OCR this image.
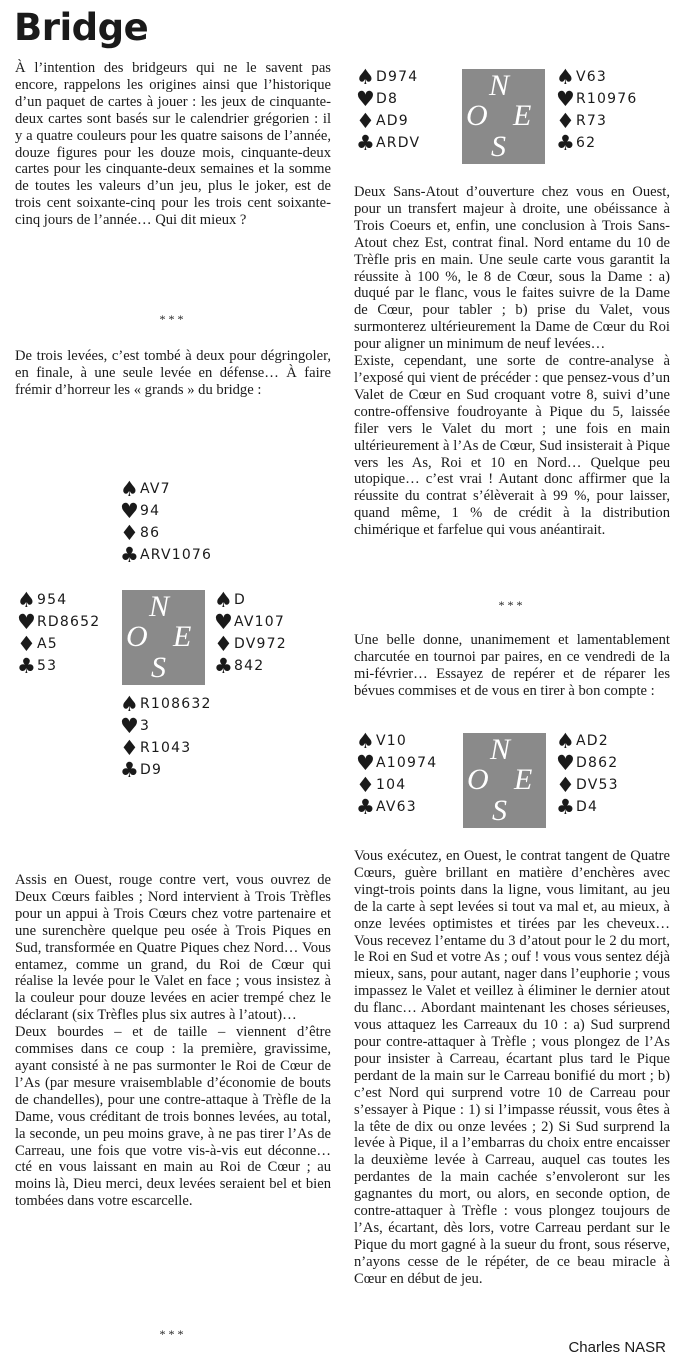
Bridge

À l’intention des bridgeurs qui ne le savent pas encore, rappelons les origines ainsi que l’historique d’un paquet de cartes à jouer : les jeux de cinquante-deux cartes sont basés sur le calendrier grégorien : il y a quatre couleurs pour les quatre saisons de l’année, douze figures pour les douze mois, cinquante-deux cartes pour les cinquante-deux semaines et la somme de toutes les valeurs d’un jeu, plus le joker, est de trois cent soixante-cinq pour les trois cent soixante-cinq jours de l’année… Qui dit mieux ?

***

De trois levées, c’est tombé à deux pour dégringoler, en finale, à une seule levée en défense… À faire frémir d’horreur les « grands » du bridge :

♠ AV7
♥ 94
♦ 86
♣ ARV1076
♠ 954
♥ RD8652
♦ A5
♣ 53
N
O E
S
♠ D
♥ AV107
♦ DV972
♣ 842
♠ R108632
♥ 3
♦ R1043
♣ D9

Assis en Ouest, rouge contre vert, vous ouvrez de Deux Cœurs faibles ; Nord intervient à Trois Trèfles pour un appui à Trois Cœurs chez votre partenaire et une surenchère quelque peu osée à Trois Piques en Sud, transformée en Quatre Piques chez Nord… Vous entamez, comme un grand, du Roi de Cœur qui réalise la levée pour le Valet en face ; vous insistez à la couleur pour douze levées en acier trempé chez le déclarant (six Trèfles plus six autres à l’atout)…

Deux bourdes – et de taille – viennent d’être commises dans ce coup : la première, gravissime, ayant consisté à ne pas surmonter le Roi de Cœur de l’As (par mesure vraisemblable d’économie de bouts de chandelles), pour une contre-attaque à Trèfle de la Dame, vous créditant de trois bonnes levées, au total, la seconde, un peu moins grave, à ne pas tirer l’As de Carreau, une fois que votre vis-à-vis eut déconne…cté en vous laissant en main au Roi de Cœur ; au moins là, Dieu merci, deux levées seraient bel et bien tombées dans votre escarcelle.

***
♠ D974
♥ D8
♦ AD9
♣ ARDV
N
O E
S
♠ V63
♥ R10976
♦ R73
♣ 62

Deux Sans-Atout d’ouverture chez vous en Ouest, pour un transfert majeur à droite, une obéissance à Trois Coeurs et, enfin, une conclusion à Trois Sans-Atout chez Est, contrat final. Nord entame du 10 de Trèfle pris en main. Une seule carte vous garantit la réussite à 100 %, le 8 de Cœur, sous la Dame : a) duqué par le flanc, vous le faites suivre de la Dame de Cœur, pour tabler ; b) prise du Valet, vous surmonterez ultérieurement la Dame de Cœur du Roi pour aligner un minimum de neuf levées…

Existe, cependant, une sorte de contre-analyse à l’exposé qui vient de précéder : que pensez-vous d’un Valet de Cœur en Sud croquant votre 8, suivi d’une contre-offensive foudroyante à Pique du 5, laissée filer vers le Valet du mort ; une fois en main ultérieurement à l’As de Cœur, Sud insisterait à Pique vers les As, Roi et 10 en Nord… Quelque peu utopique… c’est vrai ! Autant donc affirmer que la réussite du contrat s’élèverait à 99 %, pour laisser, quand même, 1 % de crédit à la distribution chimérique et farfelue qui vous anéantirait.

***

Une belle donne, unanimement et lamentablement charcutée en tournoi par paires, en ce vendredi de la mi-février… Essayez de repérer et de réparer les bévues commises et de vous en tirer à bon compte :

♠ V10
♥ A10974
♦ 104
♣ AV63
N
O E
S
♠ AD2
♥ D862
♦ DV53
♣ D4

Vous exécutez, en Ouest, le contrat tangent de Quatre Cœurs, guère brillant en matière d’enchères avec vingt-trois points dans la ligne, vous limitant, au jeu de la carte à sept levées si tout va mal et, au mieux, à onze levées optimistes et tirées par les cheveux… Vous recevez l’entame du 3 d’atout pour le 2 du mort, le Roi en Sud et votre As ; ouf ! vous vous sentez déjà mieux, sans, pour autant, nager dans l’euphorie ; vous impassez le Valet et veillez à éliminer le dernier atout du flanc… Abordant maintenant les choses sérieuses, vous attaquez les Carreaux du 10 : a) Sud surprend pour contre-attaquer à Trèfle ; vous plongez de l’As pour insister à Carreau, écartant plus tard le Pique perdant de la main sur le Carreau bonifié du mort ; b) c’est Nord qui surprend votre 10 de Carreau pour s’essayer à Pique : 1) si l’impasse réussit, vous êtes à la tête de dix ou onze levées ; 2) Si Sud surprend la levée à Pique, il a l’embarras du choix entre encaisser la deuxième levée à Carreau, auquel cas toutes les perdantes de la main cachée s’envoleront sur les gagnantes du mort, ou alors, en seconde option, de contre-attaquer à Trèfle : vous plongez toujours de l’As, écartant, dès lors, votre Carreau perdant sur le Pique du mort gagné à la sueur du front, sous réserve, n’ayons cesse de le répéter, de ce beau miracle à Cœur en début de jeu.

Charles NASR
